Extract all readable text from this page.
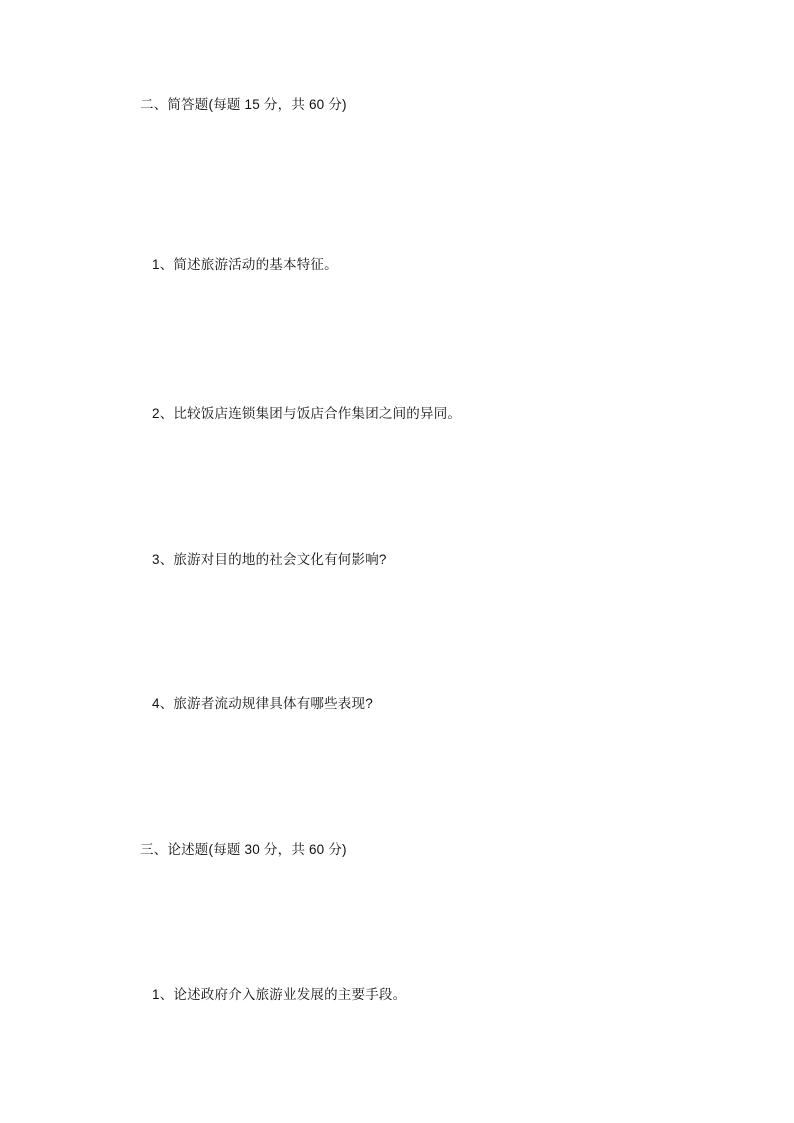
二、简答题(每题 15 分，共 60 分)
1、简述旅游活动的基本特征。
2、比较饭店连锁集团与饭店合作集团之间的异同。
3、旅游对目的地的社会文化有何影响?
4、旅游者流动规律具体有哪些表现?
三、论述题(每题 30 分，共 60 分)
1、论述政府介入旅游业发展的主要手段。
